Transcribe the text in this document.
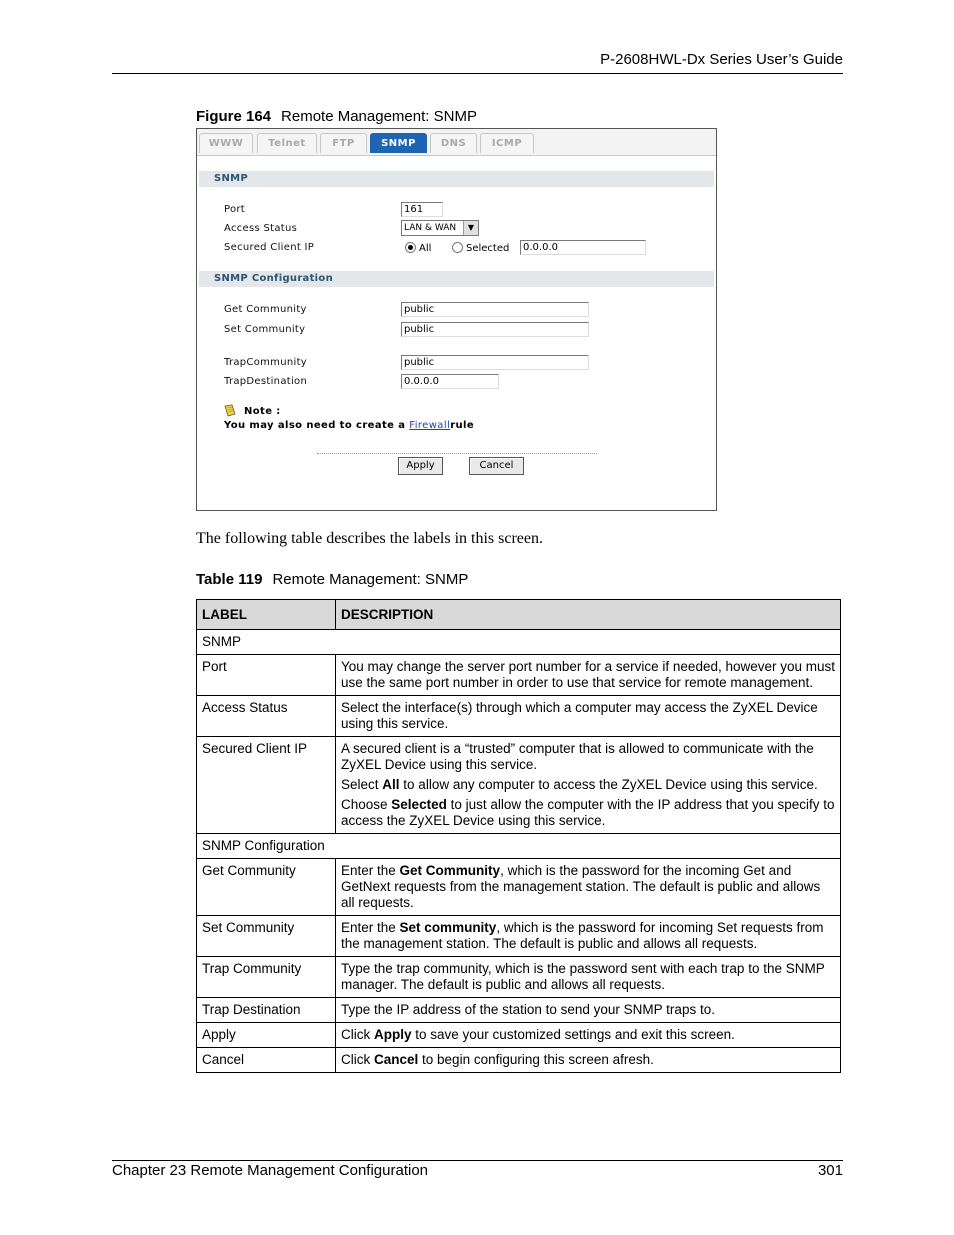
P-2608HWL-Dx Series User’s Guide
Figure 164 Remote Management: SNMP
WWW	Telnet	FTP	SNMP	DNS	ICMP
SNMP
Port	161
Access Status	LAN & WAN	▼
Secured Client IP	All	Selected	0.0.0.0
SNMP Configuration
Get Community	public
Set Community	public
TrapCommunity	public
TrapDestination	0.0.0.0
Note :
You may also need to create a Firewallrule
Apply	Cancel
The following table describes the labels in this screen.
Table 119 Remote Management: SNMP
LABEL	DESCRIPTION
SNMP	
Port	You may change the server port number for a service if needed, however you must use the same port number in order to use that service for remote management.

Access Status	Select the interface(s) through which a computer may access the ZyXEL Device using this service.

Secured Client IP	A secured client is a “trusted” computer that is allowed to communicate with the ZyXEL Device using this service.

Select All to allow any computer to access the ZyXEL Device using this service.

Choose Selected to just allow the computer with the IP address that you specify to access the ZyXEL Device using this service.

SNMP Configuration	
Get Community	Enter the Get Community, which is the password for the incoming Get and GetNext requests from the management station. The default is public and allows all requests.

Set Community	Enter the Set community, which is the password for incoming Set requests from the management station. The default is public and allows all requests.

Trap Community	Type the trap community, which is the password sent with each trap to the SNMP manager. The default is public and allows all requests.

Trap Destination	Type the IP address of the station to send your SNMP traps to.

Apply	Click Apply to save your customized settings and exit this screen.

Cancel	Click Cancel to begin configuring this screen afresh.

Chapter 23 Remote Management Configuration	301
